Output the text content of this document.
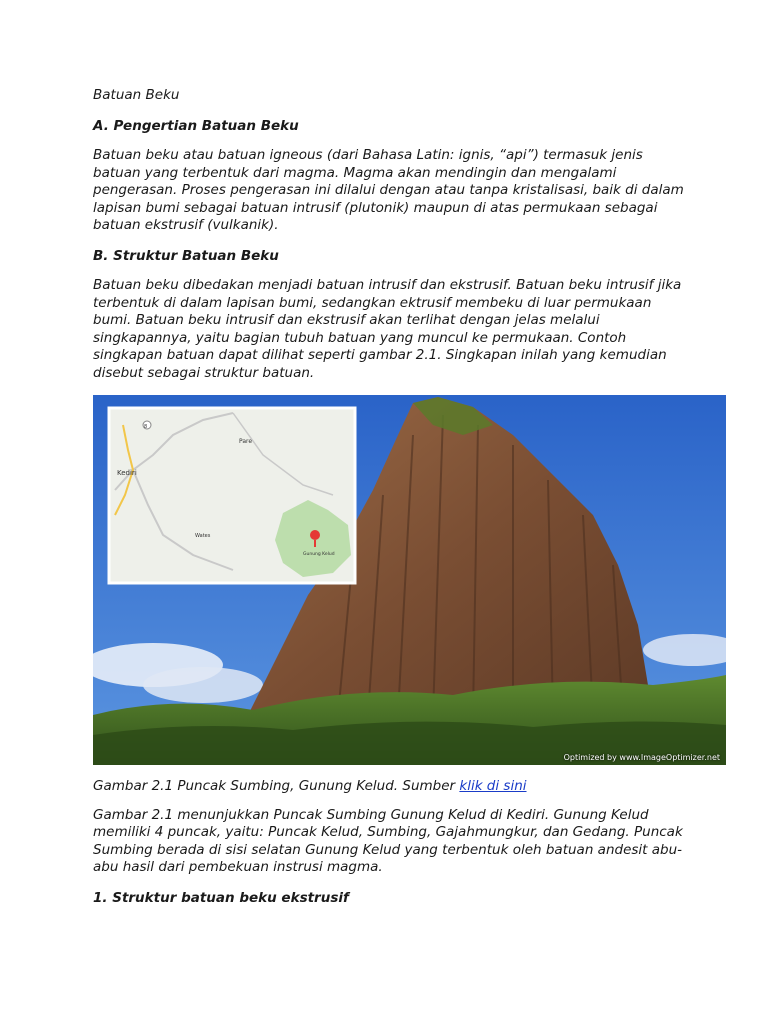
Batuan Beku
A. Pengertian Batuan Beku

Batuan beku atau batuan igneous (dari Bahasa Latin: ignis, “api”) termasuk jenis batuan yang terbentuk dari magma. Magma akan mendingin dan mengalami pengerasan. Proses pengerasan ini dilalui dengan atau tanpa kristalisasi, baik di dalam lapisan bumi sebagai batuan intrusif (plutonik) maupun di atas permukaan sebagai batuan ekstrusif (vulkanik).

B. Struktur Batuan Beku

Batuan beku dibedakan menjadi batuan intrusif dan ekstrusif. Batuan beku intrusif jika terbentuk di dalam lapisan bumi, sedangkan ektrusif membeku di luar permukaan bumi. Batuan beku intrusif dan ekstrusif akan terlihat dengan jelas melalui singkapannya, yaitu bagian tubuh batuan yang muncul ke permukaan. Contoh singkapan batuan dapat dilihat seperti gambar 2.1. Singkapan inilah yang kemudian disebut sebagai struktur batuan.

8
Kediri
Pare
Wates
Gunung Kelud
Optimized by www.ImageOptimizer.net
Gambar 2.1 Puncak Sumbing, Gunung Kelud. Sumber klik di sini

Gambar 2.1 menunjukkan Puncak Sumbing Gunung Kelud di Kediri. Gunung Kelud memiliki 4 puncak, yaitu: Puncak Kelud, Sumbing, Gajahmungkur, dan Gedang. Puncak Sumbing berada di sisi selatan Gunung Kelud yang terbentuk oleh batuan andesit abu-abu hasil dari pembekuan instrusi magma.

1. Struktur batuan beku ekstrusif
